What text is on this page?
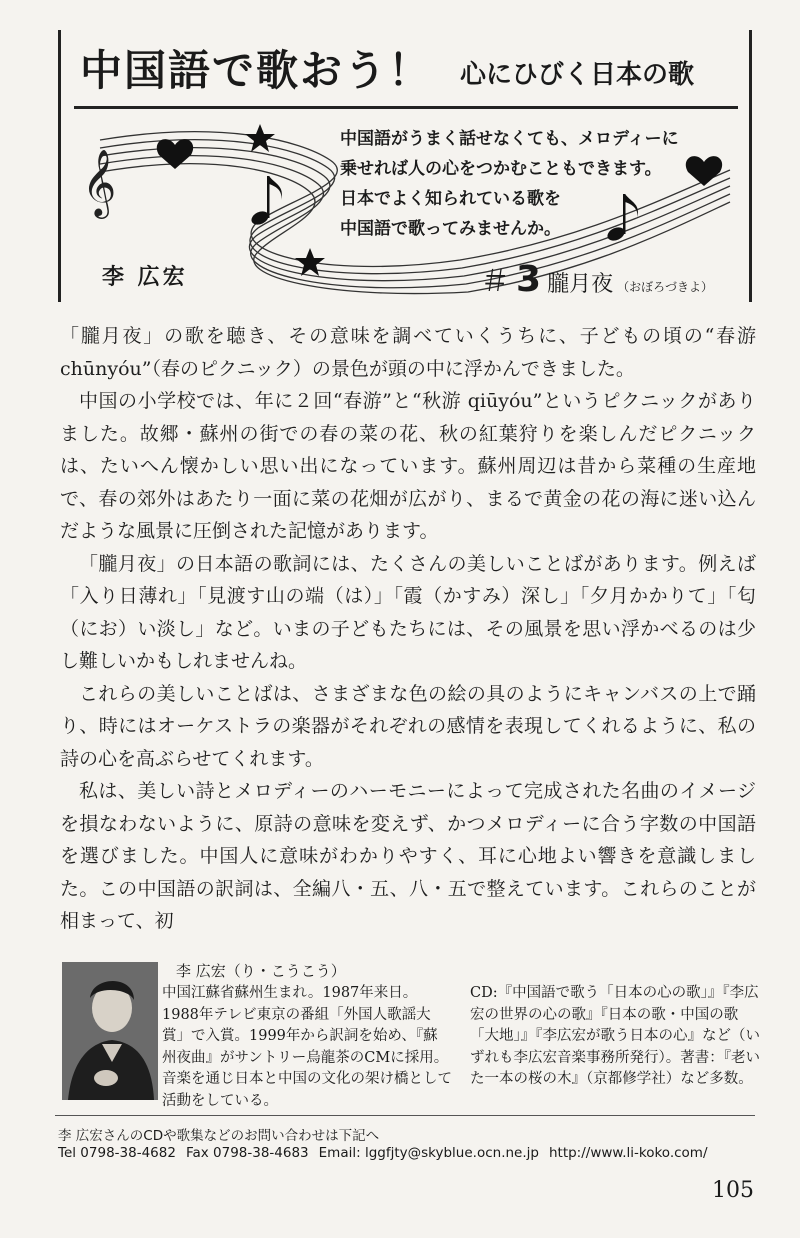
中国語で歌おう！ 心にひびく日本の歌
𝄞

中国語がうまく話せなくても、メロディーに

乗せれば人の心をつかむこともできます。

日本でよく知られている歌を

中国語で歌ってみませんか。

李 広宏	＃ 3 朧月夜 （おぼろづきよ）

「朧月夜」の歌を聴き、その意味を調べていくうちに、子どもの頃の“春游 chūnyóu”（春のピクニック）の景色が頭の中に浮かんできました。

中国の小学校では、年に２回“春游”と“秋游 qiūyóu”というピクニックがありました。故郷・蘇州の街での春の菜の花、秋の紅葉狩りを楽しんだピクニックは、たいへん懐かしい思い出になっています。蘇州周辺は昔から菜種の生産地で、春の郊外はあたり一面に菜の花畑が広がり、まるで黄金の花の海に迷い込んだような風景に圧倒された記憶があります。

「朧月夜」の日本語の歌詞には、たくさんの美しいことばがあります。例えば「入り日薄れ」「見渡す山の端（は）」「霞（かすみ）深し」「夕月かかりて」「匂（にお）い淡し」など。いまの子どもたちには、その風景を思い浮かべるのは少し難しいかもしれませんね。

これらの美しいことばは、さまざまな色の絵の具のようにキャンバスの上で踊り、時にはオーケストラの楽器がそれぞれの感情を表現してくれるように、私の詩の心を高ぶらせてくれます。

私は、美しい詩とメロディーのハーモニーによって完成された名曲のイメージを損なわないように、原詩の意味を変えず、かつメロディーに合う字数の中国語を選びました。中国人に意味がわかりやすく、耳に心地よい響きを意識しました。この中国語の訳詞は、全編八・五、八・五で整えています。これらのことが相まって、初

李 広宏（り・こうこう）

中国江蘇省蘇州生まれ。1987年来日。1988年テレビ東京の番組「外国人歌謡大賞」で入賞。1999年から訳詞を始め、『蘇州夜曲』がサントリー烏龍茶のCMに採用。音楽を通じ日本と中国の文化の架け橋として活動をしている。

CD:『中国語で歌う「日本の心の歌」』『李広宏の世界の心の歌』『日本の歌・中国の歌「大地」』『李広宏が歌う日本の心』など（いずれも李広宏音楽事務所発行）。著書：『老いた一本の桜の木』（京都修学社）など多数。

李 広宏さんのCDや歌集などのお問い合わせは下記へ
Tel 0798-38-4682 Fax 0798-38-4683 Email: lggfjty@skyblue.ocn.ne.jp http://www.li-koko.com/
105
